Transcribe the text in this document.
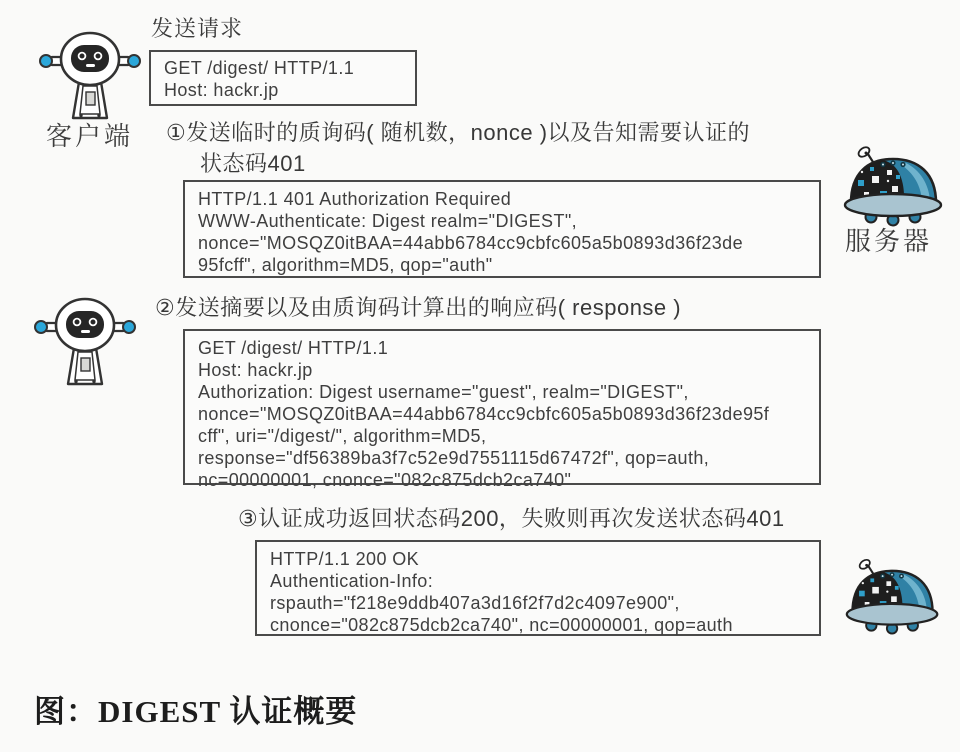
客户端
发送请求
GET /digest/ HTTP/1.1
Host: hackr.jp
①发送临时的质询码( 随机数，nonce )以及告知需要认证的
状态码401
HTTP/1.1 401 Authorization Required
WWW-Authenticate: Digest realm="DIGEST",
nonce="MOSQZ0itBAA=44abb6784cc9cbfc605a5b0893d36f23de
95fcff", algorithm=MD5, qop="auth"
服务器
②发送摘要以及由质询码计算出的响应码( response )
GET /digest/ HTTP/1.1
Host: hackr.jp
Authorization: Digest username="guest", realm="DIGEST",
nonce="MOSQZ0itBAA=44abb6784cc9cbfc605a5b0893d36f23de95f
cff", uri="/digest/", algorithm=MD5,
response="df56389ba3f7c52e9d7551115d67472f", qop=auth,
nc=00000001, cnonce="082c875dcb2ca740"
③认证成功返回状态码200，失败则再次发送状态码401
HTTP/1.1 200 OK
Authentication-Info:
rspauth="f218e9ddb407a3d16f2f7d2c4097e900",
cnonce="082c875dcb2ca740", nc=00000001, qop=auth
图：DIGEST 认证概要
